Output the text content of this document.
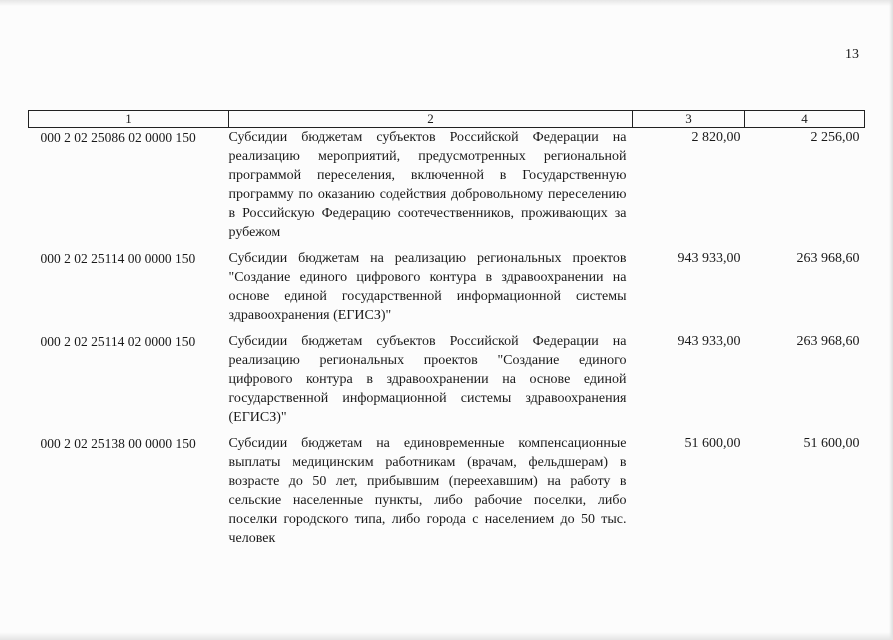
13
1	2	3	4
000 2 02 25086 02 0000 150	Субсидии бюджетам субъектов Российской Федерации на реализацию мероприятий, предусмотренных региональной программой переселения, включенной в Государственную программу по оказанию содействия добровольному переселению в Российскую Федерацию соотечественников, проживающих за рубежом	2 820,00	2 256,00
000 2 02 25114 00 0000 150	Субсидии бюджетам на реализацию региональных проектов "Создание единого цифрового контура в здравоохранении на основе единой государственной информационной системы здравоохранения (ЕГИСЗ)"	943 933,00	263 968,60
000 2 02 25114 02 0000 150	Субсидии бюджетам субъектов Российской Федерации на реализацию региональных проектов "Создание единого цифрового контура в здравоохранении на основе единой государственной информационной системы здравоохранения (ЕГИСЗ)"	943 933,00	263 968,60
000 2 02 25138 00 0000 150	Субсидии бюджетам на единовременные компенсационные выплаты медицинским работникам (врачам, фельдшерам) в возрасте до 50 лет, прибывшим (переехавшим) на работу в сельские населенные пункты, либо рабочие поселки, либо поселки городского типа, либо города с населением до 50 тыс. человек	51 600,00	51 600,00
